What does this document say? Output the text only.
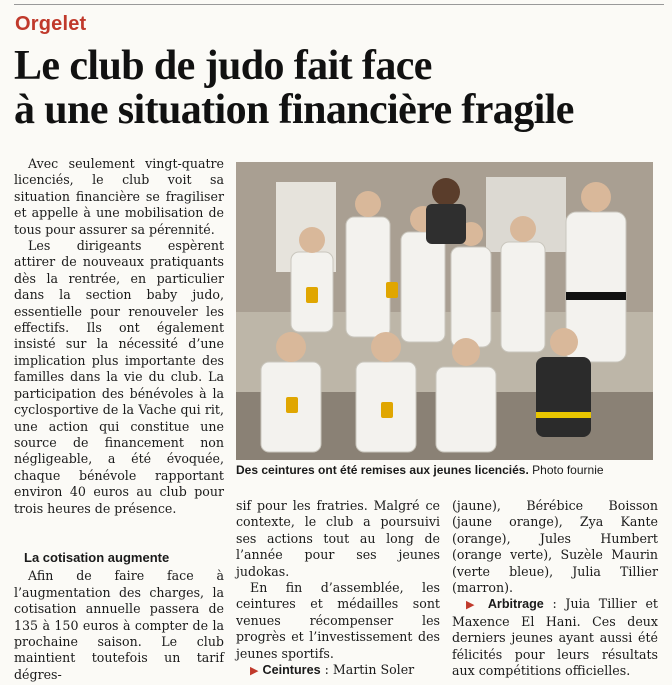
Orgelet
Le club de judo fait face
à une situation financière fragile

Avec seulement vingt-quatre licenciés, le club voit sa situation financière se fragiliser et appelle à une mobilisation de tous pour assurer sa pérennité.

Les dirigeants espèrent attirer de nouveaux pratiquants dès la rentrée, en particulier dans la section baby judo, essentielle pour renouveler les effectifs. Ils ont également insisté sur la nécessité d’une implication plus importante des familles dans la vie du club. La participation des bénévoles à la cyclosportive de la Vache qui rit, une action qui constitue une source de financement non négligeable, a été évoquée, chaque bénévole rapportant environ 40 euros au club pour trois heures de présence.

La cotisation augmente

Afin de faire face à l’augmentation des charges, la cotisation annuelle passera de 135 à 150 euros à compter de la prochaine saison. Le club maintient toutefois un tarif dégres-

Des ceintures ont été remises aux jeunes licenciés. Photo fournie

sif pour les fratries. Malgré ce contexte, le club a poursuivi ses actions tout au long de l’année pour ses jeunes judokas.

En fin d’assemblée, les ceintures et médailles sont venues récompenser les progrès et l’investissement des jeunes sportifs.

▶ Ceintures : Martin Soler

(jaune), Bérébice Boisson (jaune orange), Zya Kante (orange), Jules Humbert (orange verte), Suzèle Maurin (verte bleue), Julia Tillier (marron).

▶ Arbitrage : Juia Tillier et Maxence El Hani. Ces deux derniers jeunes ayant aussi été félicités pour leurs résultats aux compétitions officielles.
